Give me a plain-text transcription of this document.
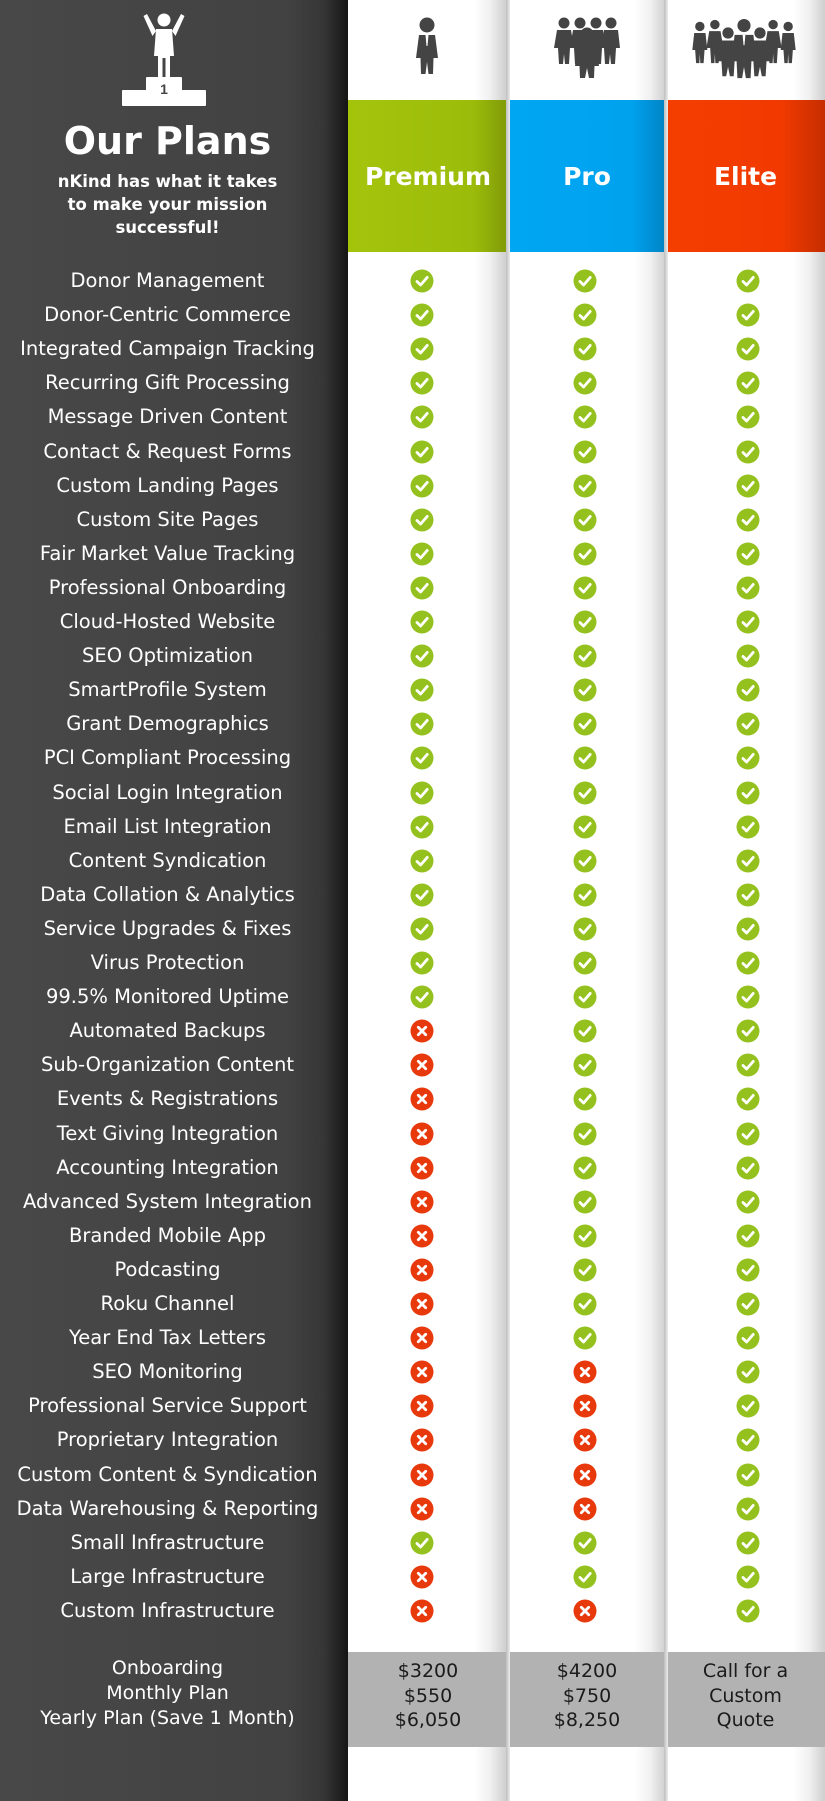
1
Our Plans
nKind has what it takes
to make your mission
successful!
Donor Management
Donor-Centric Commerce
Integrated Campaign Tracking
Recurring Gift Processing
Message Driven Content
Contact & Request Forms
Custom Landing Pages
Custom Site Pages
Fair Market Value Tracking
Professional Onboarding
Cloud-Hosted Website
SEO Optimization
SmartProfile System
Grant Demographics
PCI Compliant Processing
Social Login Integration
Email List Integration
Content Syndication
Data Collation & Analytics
Service Upgrades & Fixes
Virus Protection
99.5% Monitored Uptime
Automated Backups
Sub-Organization Content
Events & Registrations
Text Giving Integration
Accounting Integration
Advanced System Integration
Branded Mobile App
Podcasting
Roku Channel
Year End Tax Letters
SEO Monitoring
Professional Service Support
Proprietary Integration
Custom Content & Syndication
Data Warehousing & Reporting
Small Infrastructure
Large Infrastructure
Custom Infrastructure
Onboarding
Monthly Plan
Yearly Plan (Save 1 Month)
Premium
$3200
$550
$6,050
Pro
$4200
$750
$8,250
Elite
Call for a
Custom
Quote
